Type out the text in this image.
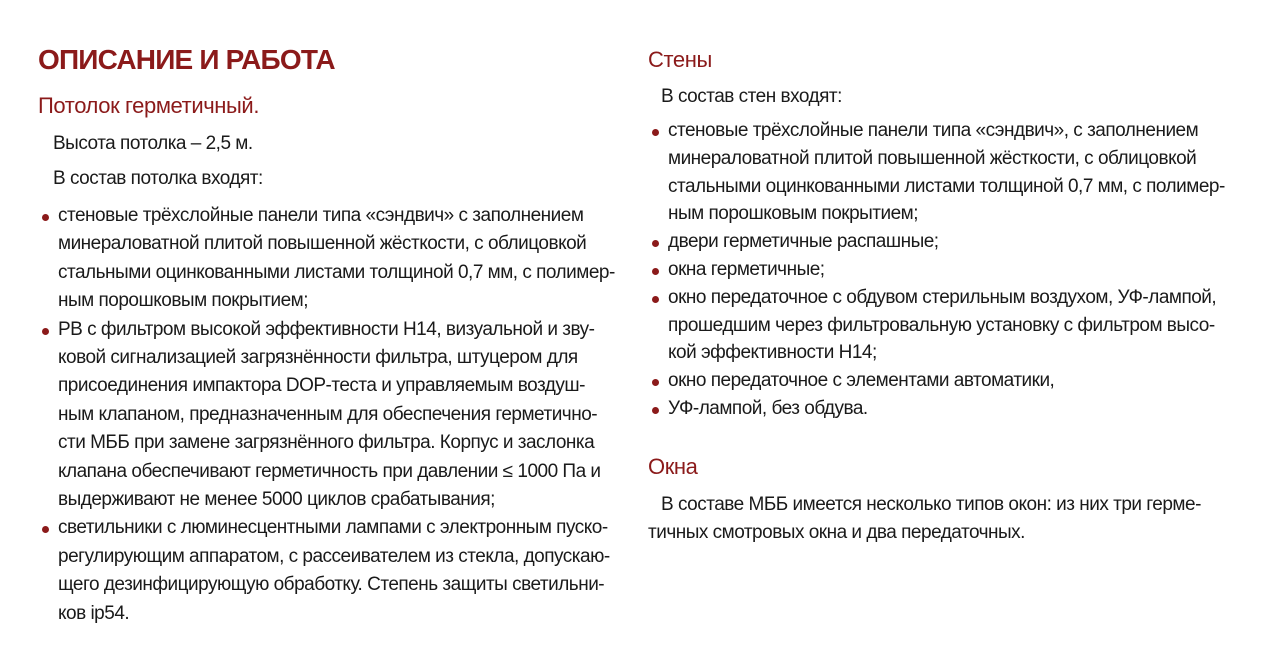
ОПИСАНИЕ И РАБОТА
Потолок герметичный.
Высота потолка – 2,5 м.
В состав потолка входят:
стеновые трёхслойные панели типа «сэндвич» с заполнением
минераловатной плитой повышенной жёсткости, с облицовкой
стальными оцинкованными листами толщиной 0,7 мм, с полимер-
ным порошковым покрытием;
РВ с фильтром высокой эффективности Н14, визуальной и зву-
ковой сигнализацией загрязнённости фильтра, штуцером для
присоединения импактора DOP-теста и управляемым воздуш-
ным клапаном, предназначенным для обеспечения герметично-
сти МББ при замене загрязнённого фильтра. Корпус и заслонка
клапана обеспечивают герметичность при давлении ≤ 1000 Па и
выдерживают не менее 5000 циклов срабатывания;
светильники с люминесцентными лампами с электронным пуско-
регулирующим аппаратом, с рассеивателем из стекла, допускаю-
щего дезинфицирующую обработку. Степень защиты светильни-
ков ip54.
Стены
В состав стен входят:
стеновые трёхслойные панели типа «сэндвич», с заполнением
минераловатной плитой повышенной жёсткости, с облицовкой
стальными оцинкованными листами толщиной 0,7 мм, с полимер-
ным порошковым покрытием;
двери герметичные распашные;
окна герметичные;
окно передаточное с обдувом стерильным воздухом, УФ-лампой,
прошедшим через фильтровальную установку с фильтром высо-
кой эффективности Н14;
окно передаточное с элементами автоматики,
УФ-лампой, без обдува.
Окна
В составе МББ имеется несколько типов окон: из них три герме-
тичных смотровых окна и два передаточных.
